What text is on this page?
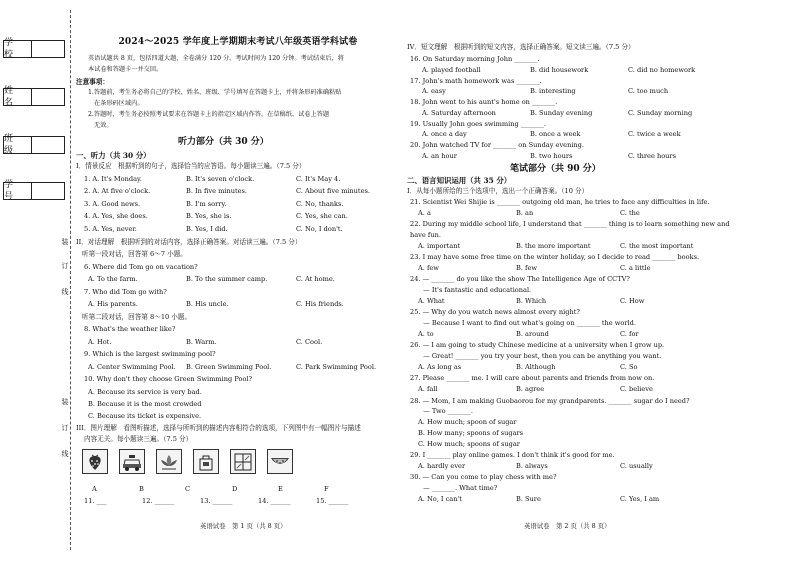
学 校
姓 名
班 级
学 号
装
订
线
装
订
线
2024～2025 学年度上学期期末考试八年级英语学科试卷
英语试题共 8 页，包括四道大题，全卷满分 120 分，考试时间为 120 分钟。考试结束后，将
本试卷和答题卡一并交回。
注意事项：
1.答题前，考生务必将自己的学校、姓名、班级、学号填写在答题卡上，并将条形码准确粘贴
在条形码区域内。
2.答题时，考生务必按照考试要求在答题卡上的指定区域内作答，在草稿纸、试卷上答题
无效。
听力部分（共 30 分）
一、听力（共 30 分）
I．情景反应　根据听到的句子，选择恰当的应答语。每小题读三遍。（7.5 分）
1. A. It's Monday.	B. It's seven o'clock.	C. It's May 4.
2. A. At five o'clock.	B. In five minutes.	C. About five minutes.
3. A. Good news.	B. I'm sorry.	C. No, thanks.
4. A. Yes, she does.	B. Yes, she is.	C. Yes, she can.
5. A. Yes, never.	B. Yes, I did.	C. No, I don't.
II．对话理解　根据听到的对话内容，选择正确答案。对话读三遍。（7.5 分）
听第一段对话，回答第 6～7 小题。
6. Where did Tom go on vacation?
A. To the farm.	B. To the summer camp.	C. At home.
7. Who did Tom go with?
A. His parents.	B. His uncle.	C. His friends.
听第二段对话，回答第 8～10 小题。
8. What's the weather like?
A. Hot.	B. Warm.	C. Cool.
9. Which is the largest swimming pool?
A. Center Swimming Pool. B. Green Swimming Pool.	C. Park Swimming Pool.
10. Why don't they choose Green Swimming Pool?
A. Because its service is very bad.
B. Because it is the most crowded
C. Because its ticket is expensive.
III．图片理解　看图听描述，选择与所听到的描述内容相符合的选项，下列图中有一幅图片与描述
内容无关。每小题读三遍。（7.5 分）
A	B	C	D	E	F
11. ___	12. ______	13. ______	14. ______	15. ______
英语试卷　第 1 页（共 8 页）
IV．短文理解　根据听到的短文内容，选择正确答案。短文读三遍。（7.5 分）
16. On Saturday morning John _______.
A. played football	B. did housework	C. did no homework
17. John's math homework was _______.
A. easy	B. interesting	C. too much
18. John went to his aunt's home on _______.
A. Saturday afternoon	B. Sunday evening	C. Sunday morning
19. Usually John goes swimming _______.
A. once a day	B. once a week	C. twice a week
20. John watched TV for _______ on Sunday evening.
A. an hour	B. two hours	C. three hours
笔试部分（共 90 分）
二、语言知识运用（共 35 分）
I．从每小题所给的三个选项中，选出一个正确答案。（10 分）
21. Scientist Wei Shijie is _______ outgoing old man, he tries to face any difficulties in life.
A. a	B. an	C. the
22. During my middle school life, I understand that _______ thing is to learn something new and
have fun.
A. important	B. the more important	C. the most important
23. I may have some free time on the winter holiday, so I decide to read _______ books.
A. few	B. few	C. a little
24. — _______ do you like the show The Intelligence Age of CCTV?
　　— It's fantastic and educational.
A. What	B. Which	C. How
25. — Why do you watch news almost every night?
　　— Because I want to find out what's going on _______ the world.
A. to	B. around	C. for
26. — I am going to study Chinese medicine at a university when I grow up.
　　— Great! _______ you try your best, then you can be anything you want.
A. As long as	B. Although	C. So
27. Please _______ me. I will care about parents and friends from now on.
A. fall	B. agree	C. believe
28. — Mom, I am making Guobaorou for my grandparents. _______ sugar do I need?
　　— Two _______.
A. How much; spoon of sugar
B. How many; spoons of sugars
C. How much; spoons of sugar
29. I _______ play online games. I don't think it's good for me.
A. hardly ever	B. always	C. usually
30. — Can you come to play chess with me?
　　— _______. What time?
A. No, I can't	B. Sure	C. Yes, I am
英语试卷　第 2 页（共 8 页）
